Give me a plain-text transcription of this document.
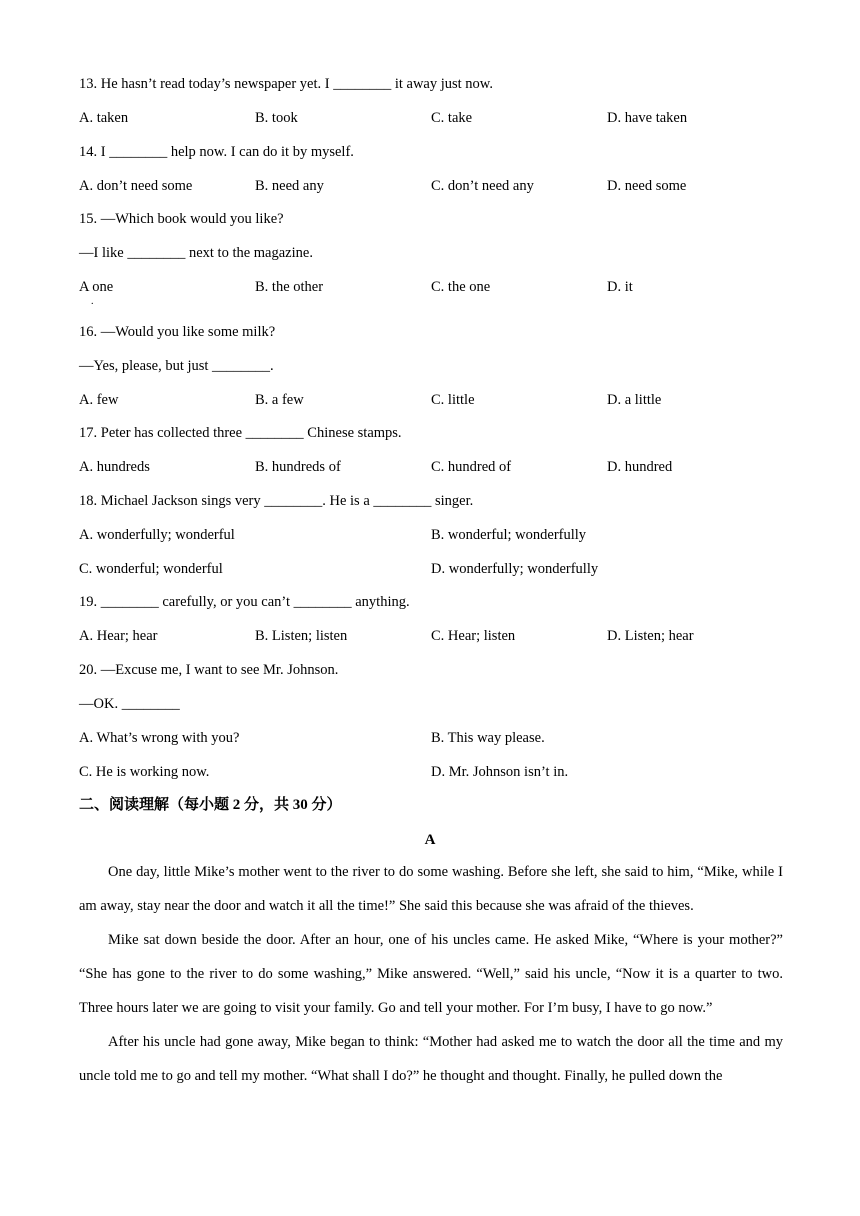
13. He hasn’t read today’s newspaper yet. I ________ it away just now.
A. taken	B. took	C. take	D. have taken
14. I ________ help now. I can do it by myself.
A. don’t need some	B. need any	C. don’t need any	D. need some
15. —Which book would you like?
—I like ________ next to the magazine.
A one	B. the other	C. the one	D. it
.
16. —Would you like some milk?
—Yes, please, but just ________.
A. few	B. a few	C. little	D. a little
17. Peter has collected three ________ Chinese stamps.
A. hundreds	B. hundreds of	C. hundred of	D. hundred
18. Michael Jackson sings very ________. He is a ________ singer.
A. wonderfully; wonderful	B. wonderful; wonderfully
C. wonderful; wonderful	D. wonderfully; wonderfully
19. ________ carefully, or you can’t ________ anything.
A. Hear; hear	B. Listen; listen	C. Hear; listen	D. Listen; hear
20. —Excuse me, I want to see Mr. Johnson.
—OK. ________
A. What’s wrong with you?	B. This way please.
C. He is working now.	D. Mr. Johnson isn’t in.
二、阅读理解（每小题 2 分，共 30 分）
A

One day, little Mike’s mother went to the river to do some washing. Before she left, she said to him, “Mike, while I am away, stay near the door and watch it all the time!” She said this because she was afraid of the thieves.

Mike sat down beside the door. After an hour, one of his uncles came. He asked Mike, “Where is your mother?” “She has gone to the river to do some washing,” Mike answered. “Well,” said his uncle, “Now it is a quarter to two. Three hours later we are going to visit your family. Go and tell your mother. For I’m busy, I have to go now.”

After his uncle had gone away, Mike began to think: “Mother had asked me to watch the door all the time and my uncle told me to go and tell my mother. “What shall I do?” he thought and thought. Finally, he pulled down the
